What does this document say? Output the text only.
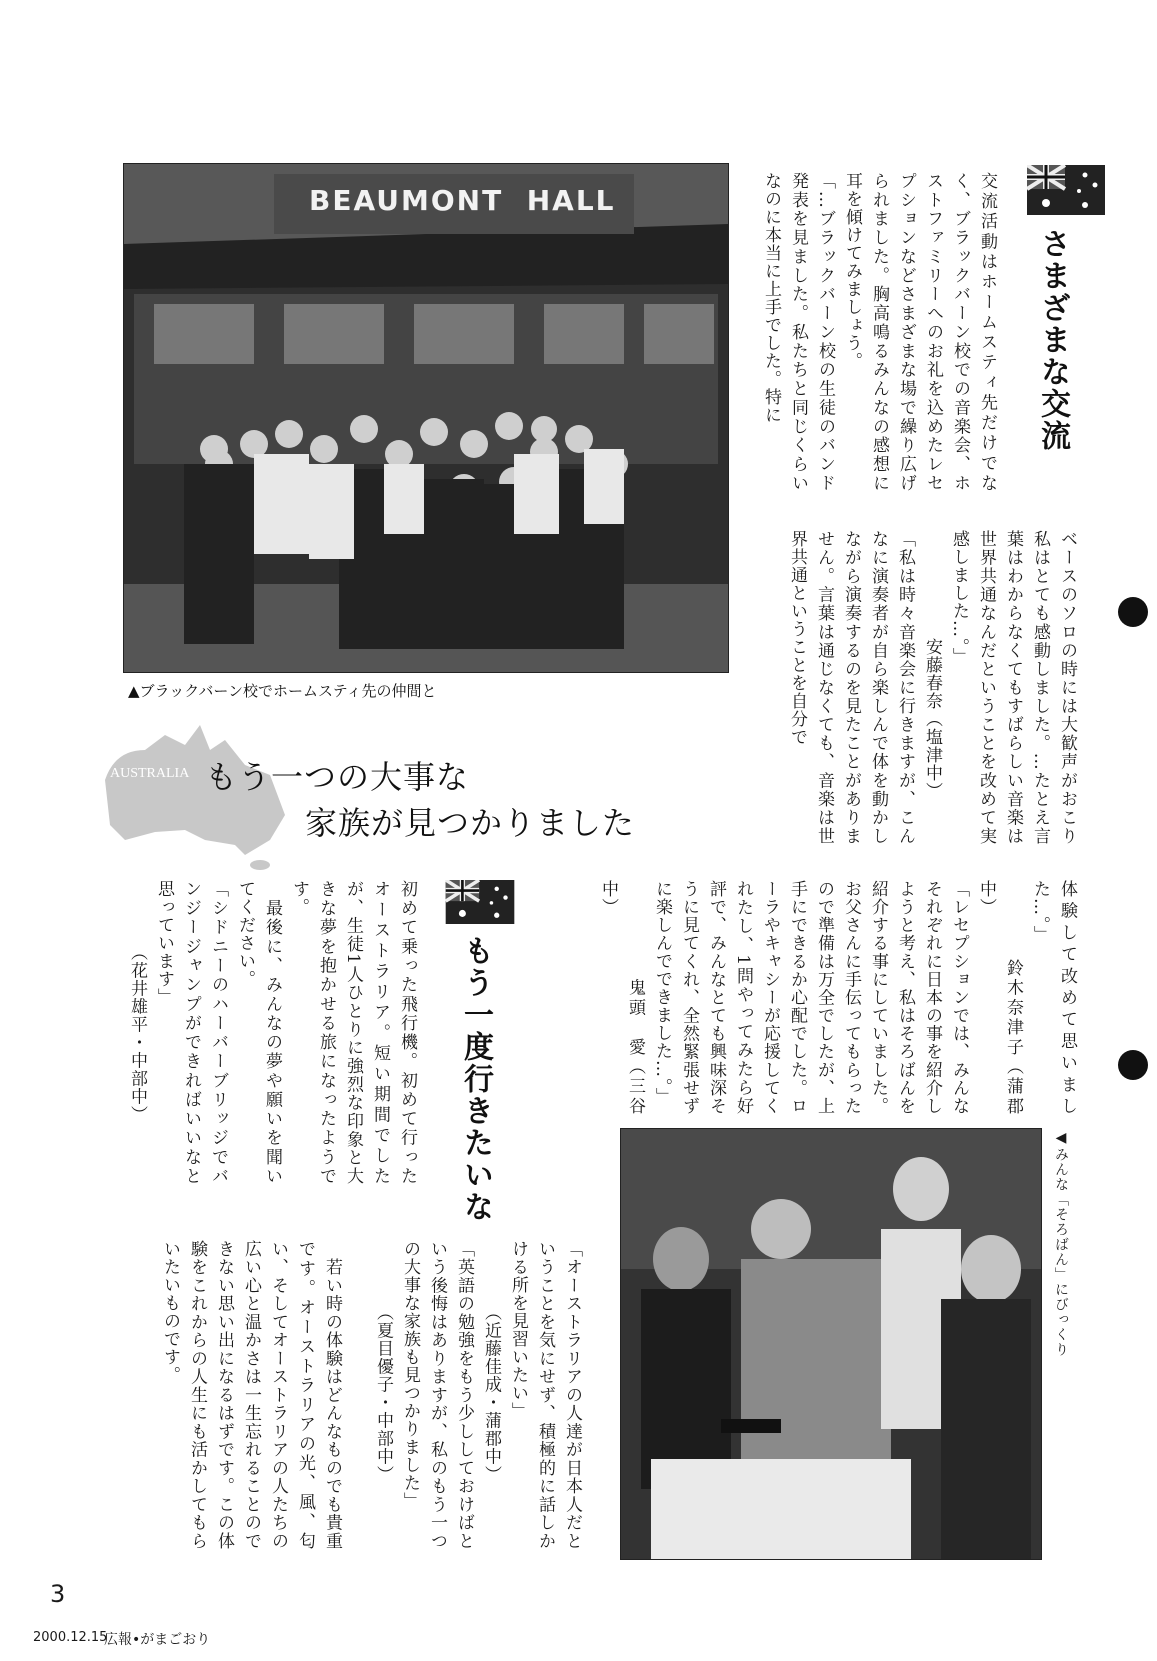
BEAUMONT  HALL
▲ブラックバーン校でホームスティ先の仲間と
さまざまな交流
交流活動はホームスティ先だけでなく、ブラックバーン校での音楽会、ホストファミリーへのお礼を込めたレセプションなどさまざまな場で繰り広げられました。胸高鳴るみんなの感想に耳を傾けてみましょう。
「…ブラックバーン校の生徒のバンド発表を見ました。私たちと同じくらいなのに本当に上手でした。特に
ベースのソロの時には大歓声がおこり私はとても感動しました。…たとえ言葉はわからなくてもすばらしい音楽は世界共通なんだということを改めて実感しました…。」
　　　　　　安藤春奈（塩津中）
「私は時々音楽会に行きますが、こんなに演奏者が自ら楽しんで体を動かしながら演奏するのを見たことがありません。言葉は通じなくても、音楽は世界共通ということを自分で
体験して改めて思いました…。」
　　　　鈴木奈津子（蒲郡中）
「レセプションでは、みんなそれぞれに日本の事を紹介しようと考え、私はそろばんを紹介する事にしていました。お父さんに手伝ってもらったので準備は万全でしたが、上手にできるか心配でした。ローラやキャシーが応援してくれたし、1問やってみたら好評で、みんなとても興味深そうに見てくれ、全然緊張せずに楽しんでできました…。」
　　　　　鬼頭　愛（三谷中）
「オーストラリアの人達が日本人だということを気にせず、積極的に話しかける所を見習いたい」
　　　　（近藤佳成・蒲郡中）
「英語の勉強をもう少ししておけばという後悔はありますが、私のもう一つの大事な家族も見つかりました」
　　　　（夏目優子・中部中）
AUSTRALIA もう一つの大事な
家族が見つかりました
もう一度行きたいな
初めて乗った飛行機。初めて行ったオーストラリア。短い期間でしたが、生徒1人ひとりに強烈な印象と大きな夢を抱かせる旅になったようです。
　最後に、みんなの夢や願いを聞いてください。
「シドニーのハーバーブリッジでバンジージャンプができればいいなと思っています」
　　　　（花井雄平・中部中）
　若い時の体験はどんなものでも貴重です。オーストラリアの光、風、匂い、そしてオーストラリアの人たちの広い心と温かさは一生忘れることのできない思い出になるはずです。この体験をこれからの人生にも活かしてもらいたいものです。	◀みんな「そろばん」にびっくり
3
2000.12.15
広報•がまごおり
